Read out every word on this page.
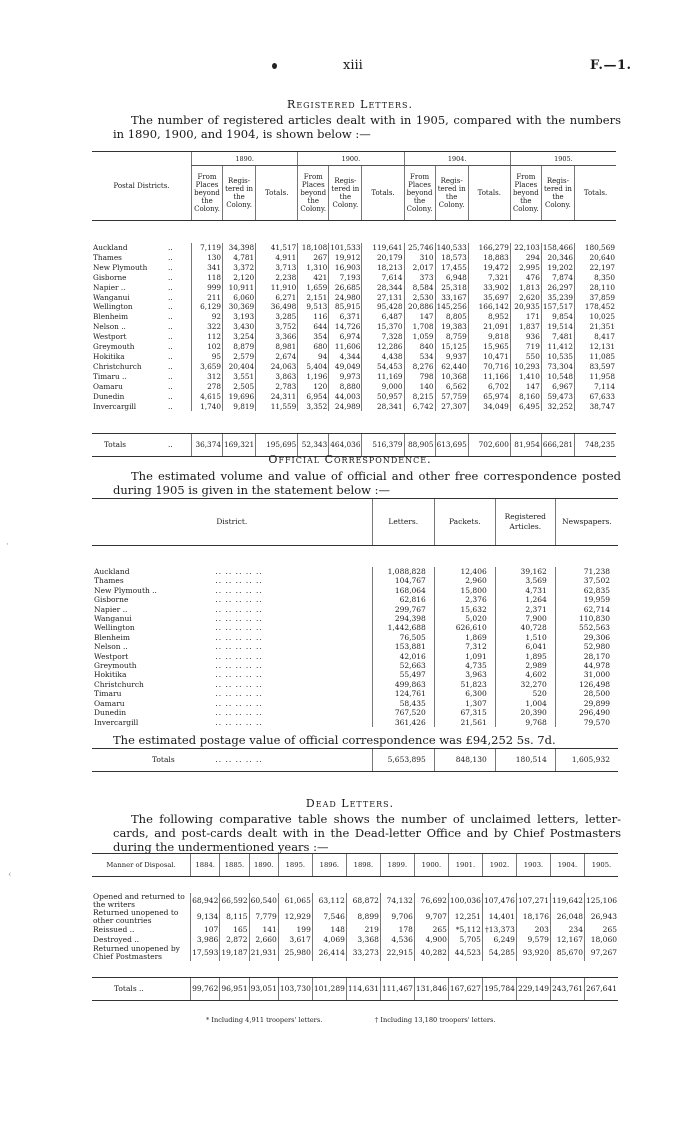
xiii	F.—1.
Registered Letters.
The number of registered articles dealt with in 1905, compared with the numbers in 1890, 1900, and 1904, is shown below :—
Postal Districts.		1890.			1900.			1904.			1905.		
		From Places beyond the Colony.	Regis-tered in the Colony.	Totals.	From Places beyond the Colony.	Regis-tered in the Colony.	Totals.	From Places beyond the Colony.	Regis-tered in the Colony.	Totals.	From Places beyond the Colony.	Regis-tered in the Colony.	Totals.

Auckland	..	7,119	34,398	41,517	18,108	101,533	119,641	25,746	140,533	166,279	22,103	158,466	180,569
Thames	..	130	4,781	4,911	267	19,912	20,179	310	18,573	18,883	294	20,346	20,640
New Plymouth	..	341	3,372	3,713	1,310	16,903	18,213	2,017	17,455	19,472	2,995	19,202	22,197
Gisborne	..	118	2,120	2,238	421	7,193	7,614	373	6,948	7,321	476	7,874	8,350
Napier ..	..	999	10,911	11,910	1,659	26,685	28,344	8,584	25,318	33,902	1,813	26,297	28,110
Wanganui	..	211	6,060	6,271	2,151	24,980	27,131	2,530	33,167	35,697	2,620	35,239	37,859
Wellington	..	6,129	30,369	36,498	9,513	85,915	95,428	20,886	145,256	166,142	20,935	157,517	178,452
Blenheim	..	92	3,193	3,285	116	6,371	6,487	147	8,805	8,952	171	9,854	10,025
Nelson ..	..	322	3,430	3,752	644	14,726	15,370	1,708	19,383	21,091	1,837	19,514	21,351
Westport	..	112	3,254	3,366	354	6,974	7,328	1,059	8,759	9,818	936	7,481	8,417
Greymouth	..	102	8,879	8,981	680	11,606	12,286	840	15,125	15,965	719	11,412	12,131
Hokitika	..	95	2,579	2,674	94	4,344	4,438	534	9,937	10,471	550	10,535	11,085
Christchurch	..	3,659	20,404	24,063	5,404	49,049	54,453	8,276	62,440	70,716	10,293	73,304	83,597
Timaru ..	..	312	3,551	3,863	1,196	9,973	11,169	798	10,368	11,166	1,410	10,548	11,958
Oamaru	..	278	2,505	2,783	120	8,880	9,000	140	6,562	6,702	147	6,967	7,114
Dunedin	..	4,615	19,696	24,311	6,954	44,003	50,957	8,215	57,759	65,974	8,160	59,473	67,633
Invercargill	..	1,740	9,819	11,559	3,352	24,989	28,341	6,742	27,307	34,049	6,495	32,252	38,747

Totals	..	36,374	169,321	195,695	52,343	464,036	516,379	88,905	613,695	702,600	81,954	666,281	748,235
Official Correspondence.
The estimated volume and value of official and other free correspondence posted during 1905 is given in the statement below :—
District.		Letters.	Packets.	Registered Articles.	Newspapers.

Auckland	.. .. .. .. ..	1,088,828	12,406	39,162	71,238
Thames	.. .. .. .. ..	104,767	2,960	3,569	37,502
New Plymouth ..	.. .. .. .. ..	168,064	15,800	4,731	62,835
Gisborne	.. .. .. .. ..	62,816	2,376	1,264	19,959
Napier ..	.. .. .. .. ..	299,767	15,632	2,371	62,714
Wanganui	.. .. .. .. ..	294,398	5,020	7,900	110,830
Wellington	.. .. .. .. ..	1,442,688	626,610	40,728	552,563
Blenheim	.. .. .. .. ..	76,505	1,869	1,510	29,306
Nelson ..	.. .. .. .. ..	153,881	7,312	6,041	52,980
Westport	.. .. .. .. ..	42,016	1,091	1,895	28,170
Greymouth	.. .. .. .. ..	52,663	4,735	2,989	44,978
Hokitika	.. .. .. .. ..	55,497	3,963	4,602	31,000
Christchurch	.. .. .. .. ..	499,863	51,823	32,270	126,498
Timaru	.. .. .. .. ..	124,761	6,300	520	28,500
Oamaru	.. .. .. .. ..	58,435	1,307	1,004	29,899
Dunedin	.. .. .. .. ..	767,520	67,315	20,390	296,490
Invercargill	.. .. .. .. ..	361,426	21,561	9,768	79,570

Totals	.. .. .. .. ..	5,653,895	848,130	180,514	1,605,932
The estimated postage value of official correspondence was £94,252 5s. 7d.
Dead Letters.
The following comparative table shows the number of unclaimed letters, letter-cards, and post-cards dealt with in the Dead-letter Office and by Chief Postmasters during the undermentioned years :—
Manner of Disposal.	1884.	1885.	1890.	1895.	1896.	1898.	1899.	1900.	1901.	1902.	1903.	1904.	1905.

Opened and returned to the writers	68,942	66,592	60,540	61,065	63,112	68,872	74,132	76,692	100,036	107,476	107,271	119,642	125,106
Returned unopened to other countries	9,134	8,115	7,779	12,929	7,546	8,899	9,706	9,707	12,251	14,401	18,176	26,048	26,943
Reissued ..	107	165	141	199	148	219	178	265	*5,112	†13,373	203	234	265
Destroyed ..	3,986	2,872	2,660	3,617	4,069	3,368	4,536	4,900	5,705	6,249	9,579	12,167	18,060
Returned unopened by Chief Postmasters	17,593	19,187	21,931	25,980	26,414	33,273	22,915	40,282	44,523	54,285	93,920	85,670	97,267

Totals ..	99,762	96,951	93,051	103,730	101,289	114,631	111,467	131,846	167,627	195,784	229,149	243,761	267,641
* Including 4,911 troopers' letters.	† Including 13,180 troopers' letters.
·
‹
